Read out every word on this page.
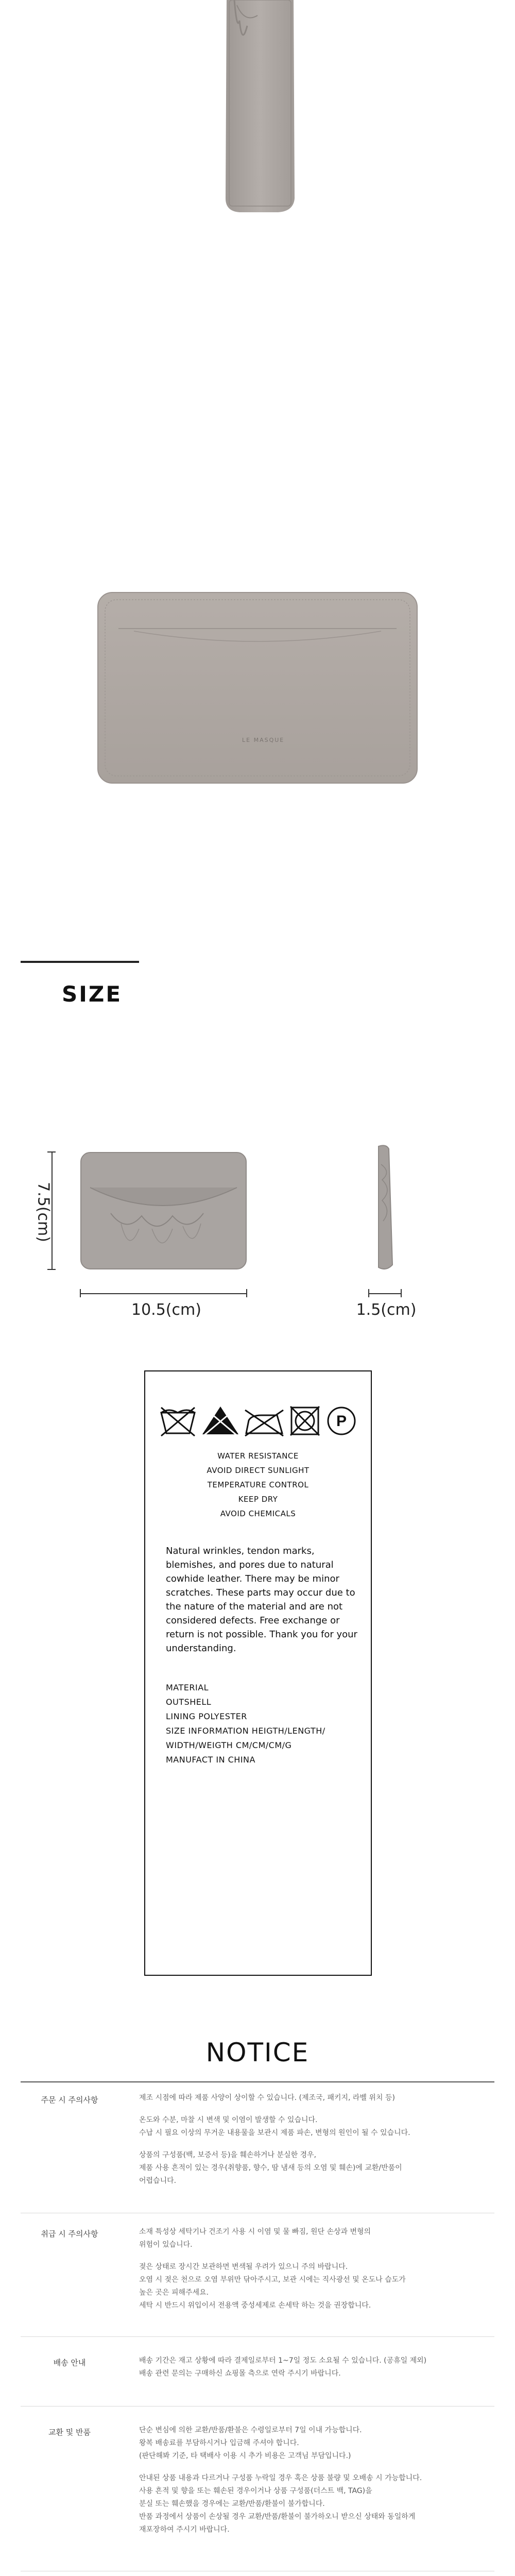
LE MASQUE
SIZE
7.5(cm)
10.5(cm)	1.5(cm)
P
WATER RESISTANCE
AVOID DIRECT SUNLIGHT
TEMPERATURE CONTROL
KEEP DRY
AVOID CHEMICALS
Natural wrinkles, tendon marks,
blemishes, and pores due to natural
cowhide leather. There may be minor
scratches. These parts may occur due to
the nature of the material and are not
considered defects. Free exchange or
return is not possible. Thank you for your
understanding.
MATERIAL
OUTSHELL
LINING POLYESTER
SIZE INFORMATION HEIGTH/LENGTH/
WIDTH/WEIGTH CM/CM/CM/G
MANUFACT IN CHINA
NOTICE
주문 시 주의사항	제조 시점에 따라 제품 사양이 상이할 수 있습니다. (제조국, 패키지, 라벨 위치 등)
온도와 수분, 마찰 시 변색 및 이염이 발생할 수 있습니다.
수납 시 필요 이상의 무거운 내용물을 보관시 제품 파손, 변형의 원인이 될 수 있습니다.
상품의 구성품(백, 보증서 등)을 훼손하거나 분실한 경우,
제품 사용 흔적이 있는 경우(취향품, 향수, 땀 냄새 등의 오염 및 훼손)에 교환/반품이
어렵습니다.
취급 시 주의사항	소재 특성상 세탁기나 건조기 사용 시 이염 및 물 빠짐, 원단 손상과 변형의
위험이 있습니다.
젖은 상태로 장시간 보관하면 변색될 우려가 있으니 주의 바랍니다.
오염 시 젖은 천으로 오염 부위만 닦아주시고, 보관 시에는 직사광선 및 온도나 습도가
높은 곳은 피해주세요.
세탁 시 반드시 위입이서 전용액 중성세제로 손세탁 하는 것을 권장합니다.
배송 안내	배송 기간은 재고 상황에 따라 결제일로부터 1~7일 정도 소요될 수 있습니다. (공휴일 제외)
배송 관련 문의는 구매하신 쇼핑몰 측으로 연락 주시기 바랍니다.
교환 및 반품	단순 변심에 의한 교환/반품/환불은 수령일로부터 7일 이내 가능합니다.
왕복 배송료를 부담하시거나 입금해 주셔야 합니다.
(판단해봐 기준, 타 택배사 이용 시 추가 비용은 고객님 부담입니다.)
안내된 상품 내용과 다르거나 구성품 누락일 경우 혹은 상품 불량 및 오배송 시 가능합니다.
사용 흔적 및 향을 또는 훼손된 경우이거나 상품 구성품(더스트 백, TAG)을
분실 또는 훼손했을 경우에는 교환/반품/환불이 불가합니다.
반품 과정에서 상품이 손상될 경우 교환/반품/환불이 불가하오니 받으신 상태와 동일하게
재포장하여 주시기 바랍니다.
